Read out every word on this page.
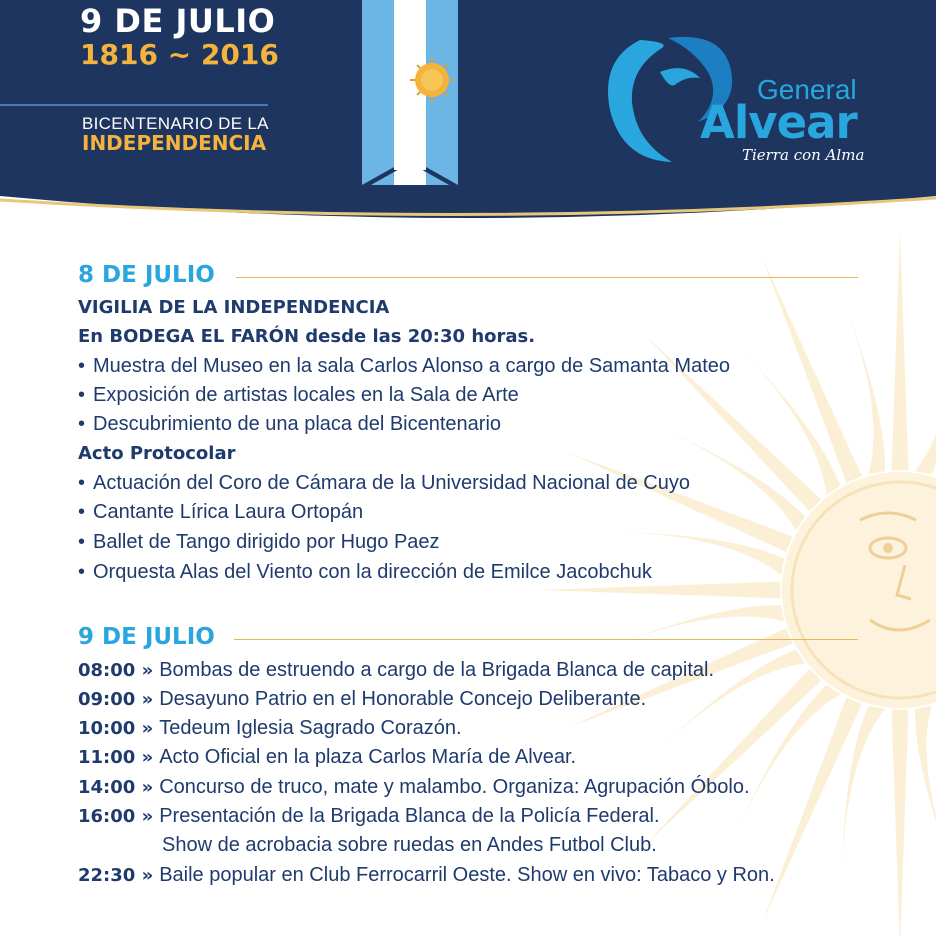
9 DE JULIO
1816 ~ 2016
BICENTENARIO DE LA
INDEPENDENCIA
General
Alvear
Tierra con Alma
8 DE JULIO
VIGILIA DE LA INDEPENDENCIA
En BODEGA EL FARÓN desde las 20:30 horas.
• Muestra del Museo en la sala Carlos Alonso a cargo de Samanta Mateo
• Exposición de artistas locales en la Sala de Arte
• Descubrimiento de una placa del Bicentenario
Acto Protocolar
• Actuación del Coro de Cámara de la Universidad Nacional de Cuyo
• Cantante Lírica Laura Ortopán
• Ballet de Tango dirigido por Hugo Paez
• Orquesta Alas del Viento con la dirección de Emilce Jacobchuk
9 DE JULIO
08:00 » Bombas de estruendo a cargo de la Brigada Blanca de capital.
09:00 » Desayuno Patrio en el Honorable Concejo Deliberante.
10:00 » Tedeum Iglesia Sagrado Corazón.
11:00 » Acto Oficial en la plaza Carlos María de Alvear.
14:00 » Concurso de truco, mate y malambo. Organiza: Agrupación Óbolo.
16:00 » Presentación de la Brigada Blanca de la Policía Federal.
Show de acrobacia sobre ruedas en Andes Futbol Club.
22:30 » Baile popular en Club Ferrocarril Oeste. Show en vivo: Tabaco y Ron.
